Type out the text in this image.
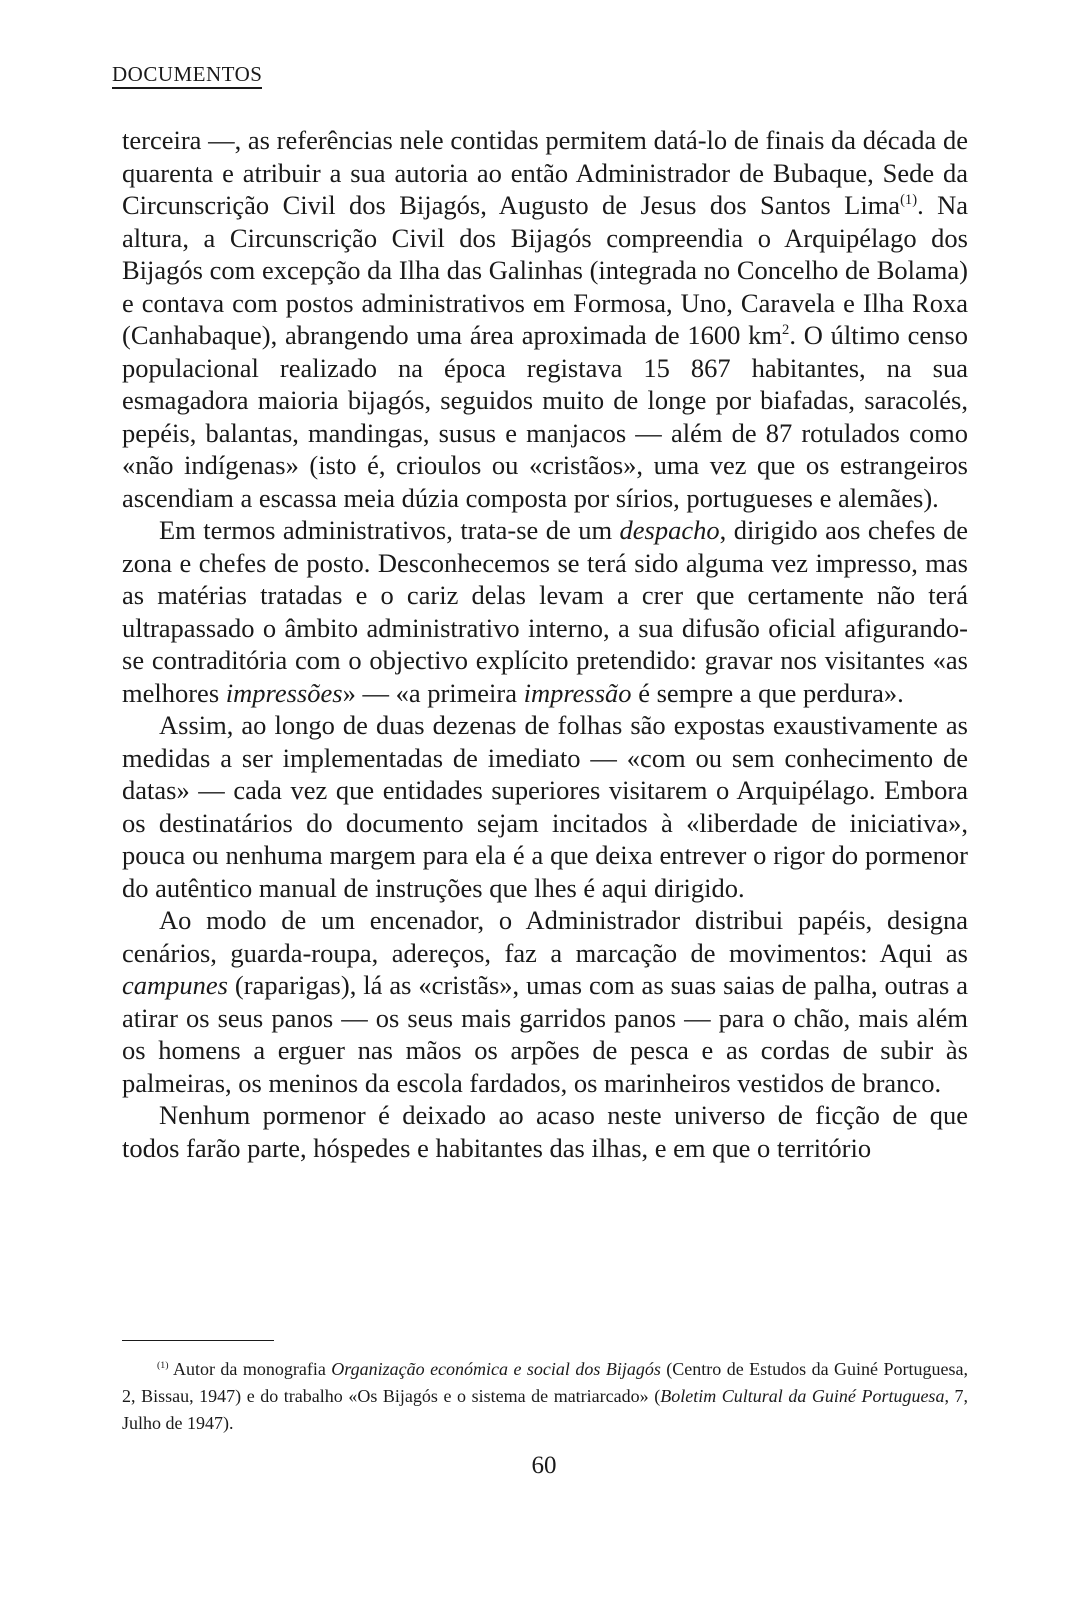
DOCUMENTOS

terceira —, as referências nele contidas permitem datá-lo de finais da década de quarenta e atribuir a sua autoria ao então Administrador de Bubaque, Sede da Circunscrição Civil dos Bijagós, Augusto de Jesus dos Santos Lima$^{(1)}$. Na altura, a Circunscrição Civil dos Bijagós compreendia o Arquipélago dos Bijagós com excepção da Ilha das Galinhas (integrada no Concelho de Bolama) e contava com postos administrativos em Formosa, Uno, Caravela e Ilha Roxa (Canhabaque), abrangendo uma área aproximada de 1600 $km^2$. O último censo populacional realizado na época registava 15 867 habitantes, na sua esmagadora maioria bijagós, seguidos muito de longe por biafadas, saracolés, pepéis, balantas, mandingas, susus e manjacos — além de 87 rotulados como «não indígenas» (isto é, crioulos ou «cristãos», uma vez que os estrangeiros ascendiam a escassa meia dúzia composta por sírios, portugueses e alemães).

Em termos administrativos, trata-se de um despacho, dirigido aos chefes de zona e chefes de posto. Desconhecemos se terá sido alguma vez impresso, mas as matérias tratadas e o cariz delas levam a crer que certamente não terá ultrapassado o âmbito administrativo interno, a sua difusão oficial afigurando-se contraditória com o objectivo explícito pretendido: gravar nos visitantes «as melhores impressões» — «a primeira impressão é sempre a que perdura».

Assim, ao longo de duas dezenas de folhas são expostas exaustivamente as medidas a ser implementadas de imediato — «com ou sem conhecimento de datas» — cada vez que entidades superiores visitarem o Arquipélago. Embora os destinatários do documento sejam incitados à «liberdade de iniciativa», pouca ou nenhuma margem para ela é a que deixa entrever o rigor do pormenor do autêntico manual de instruções que lhes é aqui dirigido.

Ao modo de um encenador, o Administrador distribui papéis, designa cenários, guarda-roupa, adereços, faz a marcação de movimentos: Aqui as campunes (raparigas), lá as «cristãs», umas com as suas saias de palha, outras a atirar os seus panos — os seus mais garridos panos — para o chão, mais além os homens a erguer nas mãos os arpões de pesca e as cordas de subir às palmeiras, os meninos da escola fardados, os marinheiros vestidos de branco.

Nenhum pormenor é deixado ao acaso neste universo de ficção de que todos farão parte, hóspedes e habitantes das ilhas, e em que o território

$^{(1)}$ Autor da monografia Organização económica e social dos Bijagós (Centro de Estudos da Guiné Portuguesa, 2, Bissau, 1947) e do trabalho «Os Bijagós e o sistema de matriarcado» (Boletim Cultural da Guiné Portuguesa, 7, Julho de 1947).
60
